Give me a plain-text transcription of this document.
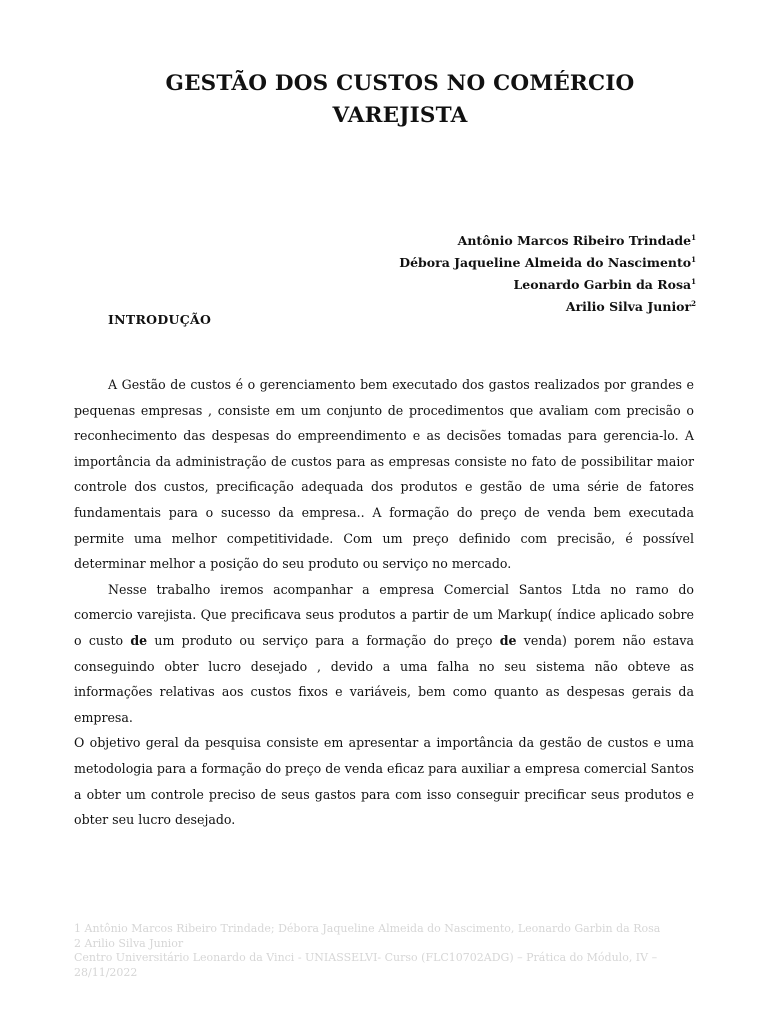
GESTÃO DOS CUSTOS NO COMÉRCIO
VAREJISTA
Antônio Marcos Ribeiro Trindade$^1$
Débora Jaqueline Almeida do Nascimento$^1$
Leonardo Garbin da Rosa$^1$
Arilio Silva Junior$^2$
INTRODUÇÃO

A Gestão de custos é o gerenciamento bem executado dos gastos realizados por grandes e pequenas empresas , consiste em um conjunto de procedimentos que avaliam com precisão o reconhecimento das despesas do empreendimento e as decisões tomadas para gerencia-lo. A importância da administração de custos para as empresas consiste no fato de possibilitar maior controle dos custos, precificação adequada dos produtos e gestão de uma série de fatores fundamentais para o sucesso da empresa.. A formação do preço de venda bem executada permite uma melhor competitividade. Com um preço definido com precisão, é possível determinar melhor a posição do seu produto ou serviço no mercado.

Nesse trabalho iremos acompanhar a empresa Comercial Santos Ltda no ramo do comercio varejista. Que precificava seus produtos a partir de um Markup( índice aplicado sobre o custo de um produto ou serviço para a formação do preço de venda) porem não estava conseguindo obter lucro desejado , devido a uma falha no seu sistema não obteve as informações relativas aos custos fixos e variáveis, bem como quanto as despesas gerais da empresa.

O objetivo geral da pesquisa consiste em apresentar a importância da gestão de custos e uma metodologia para a formação do preço de venda eficaz para auxiliar a empresa comercial Santos a obter um controle preciso de seus gastos para com isso conseguir precificar seus produtos e obter seu lucro desejado.

1 Antônio Marcos Ribeiro Trindade; Débora Jaqueline Almeida do Nascimento, Leonardo Garbin da Rosa
2 Arilio Silva Junior
Centro Universitário Leonardo da Vinci - UNIASSELVI- Curso (FLC10702ADG) – Prática do Módulo, IV –
28/11/2022
